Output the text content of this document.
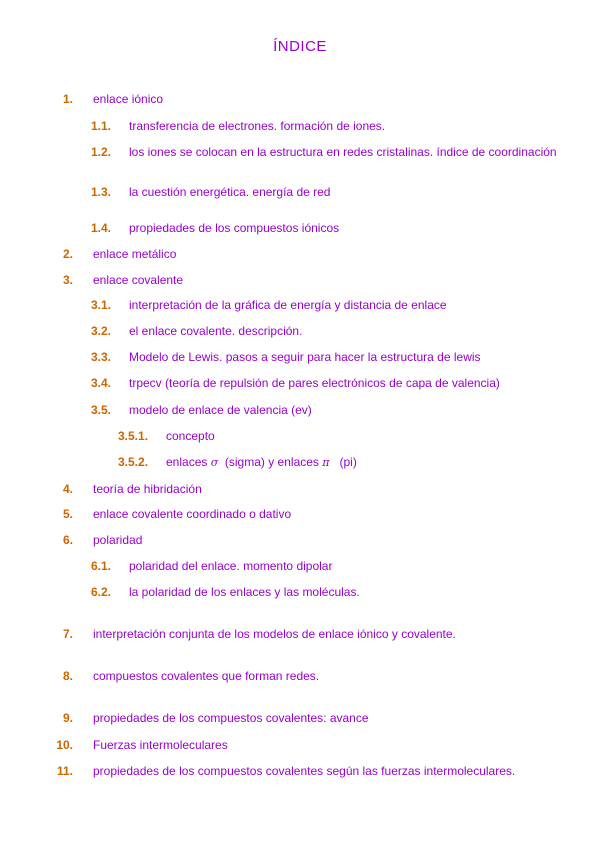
ÍNDICE
1. enlace iónico
1.1. transferencia de electrones. formación de iones.
1.2. los iones se colocan en la estructura en redes cristalinas. índice de coordinación
1.3. la cuestión energética. energía de red
1.4. propiedades de los compuestos iónicos
2. enlace metálico
3. enlace covalente
3.1. interpretación de la gráfica de energía y distancia de enlace
3.2. el enlace covalente. descripción.
3.3. Modelo de Lewis. pasos a seguir para hacer la estructura de lewis
3.4. trpecv (teoría de repulsión de pares electrónicos de capa de valencia)
3.5. modelo de enlace de valencia (ev)
3.5.1. concepto
3.5.2. enlaces σ  (sigma) y enlaces π   (pi)
4. teoría de hibridación
5. enlace covalente coordinado o dativo
6. polaridad
6.1. polaridad del enlace. momento dipolar
6.2. la polaridad de los enlaces y las moléculas.
7. interpretación conjunta de los modelos de enlace iónico y covalente.
8. compuestos covalentes que forman redes.
9. propiedades de los compuestos covalentes: avance
10. Fuerzas intermoleculares
11. propiedades de los compuestos covalentes según las fuerzas intermoleculares.
